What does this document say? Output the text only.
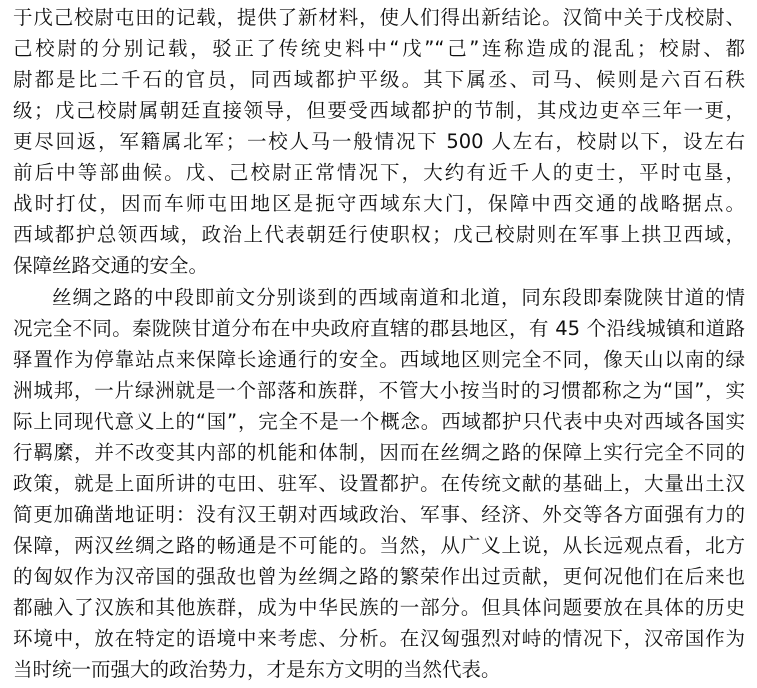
于戊己校尉屯田的记载，提供了新材料，使人们得出新结论。汉简中关于戊校尉、
己校尉的分别记载，驳正了传统史料中“戊”“己”连称造成的混乱；校尉、都
尉都是比二千石的官员，同西域都护平级。其下属丞、司马、候则是六百石秩
级；戊己校尉属朝廷直接领导，但要受西域都护的节制，其戍边吏卒三年一更，
更尽回返，军籍属北军；一校人马一般情况下 500 人左右，校尉以下，设左右
前后中等部曲候。戊、己校尉正常情况下，大约有近千人的吏士，平时屯垦，
战时打仗，因而车师屯田地区是扼守西域东大门，保障中西交通的战略据点。
西域都护总领西域，政治上代表朝廷行使职权；戊己校尉则在军事上拱卫西域，
保障丝路交通的安全。
丝绸之路的中段即前文分别谈到的西域南道和北道，同东段即秦陇陕甘道的情
况完全不同。秦陇陕甘道分布在中央政府直辖的郡县地区，有 45 个沿线城镇和道路
驿置作为停靠站点来保障长途通行的安全。西域地区则完全不同，像天山以南的绿
洲城邦，一片绿洲就是一个部落和族群，不管大小按当时的习惯都称之为“国”，实
际上同现代意义上的“国”，完全不是一个概念。西域都护只代表中央对西域各国实
行羁縻，并不改变其内部的机能和体制，因而在丝绸之路的保障上实行完全不同的
政策，就是上面所讲的屯田、驻军、设置都护。在传统文献的基础上，大量出土汉
简更加确凿地证明：没有汉王朝对西域政治、军事、经济、外交等各方面强有力的
保障，两汉丝绸之路的畅通是不可能的。当然，从广义上说，从长远观点看，北方
的匈奴作为汉帝国的强敌也曾为丝绸之路的繁荣作出过贡献，更何况他们在后来也
都融入了汉族和其他族群，成为中华民族的一部分。但具体问题要放在具体的历史
环境中，放在特定的语境中来考虑、分析。在汉匈强烈对峙的情况下，汉帝国作为
当时统一而强大的政治势力，才是东方文明的当然代表。
